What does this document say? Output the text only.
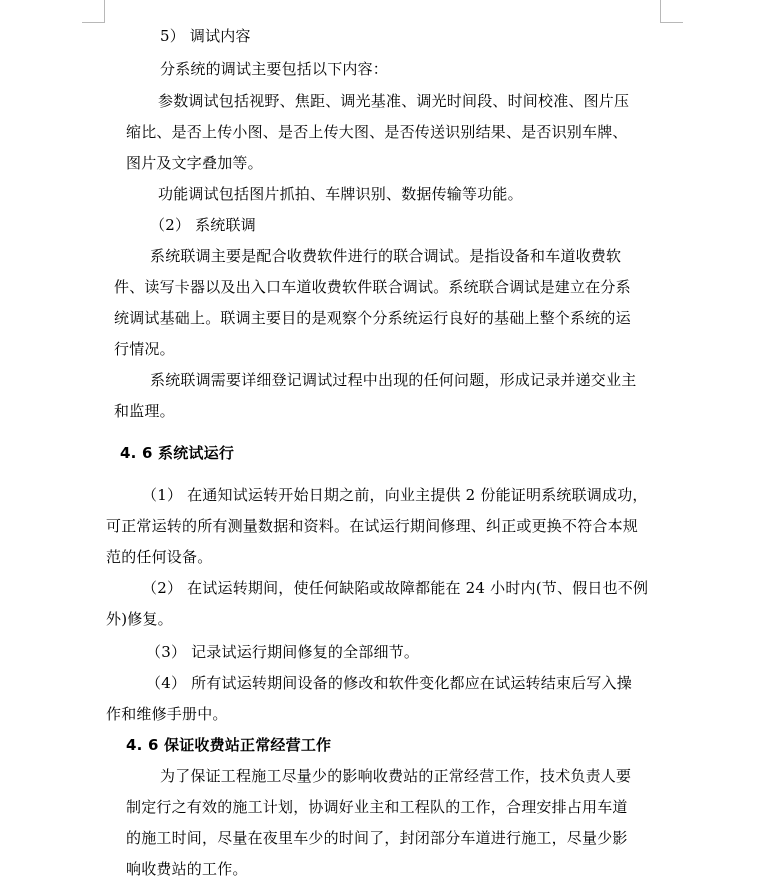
5） 调试内容
分系统的调试主要包括以下内容：
参数调试包括视野、焦距、调光基准、调光时间段、时间校准、图片压
缩比、是否上传小图、是否上传大图、是否传送识别结果、是否识别车牌、
图片及文字叠加等。
功能调试包括图片抓拍、车牌识别、数据传输等功能。
（2） 系统联调
系统联调主要是配合收费软件进行的联合调试。是指设备和车道收费软
件、读写卡器以及出入口车道收费软件联合调试。系统联合调试是建立在分系
统调试基础上。联调主要目的是观察个分系统运行良好的基础上整个系统的运
行情况。
系统联调需要详细登记调试过程中出现的任何问题，形成记录并递交业主
和监理。
4. 6 系统试运行
（1） 在通知试运转开始日期之前，向业主提供 2 份能证明系统联调成功，
可正常运转的所有测量数据和资料。在试运行期间修理、纠正或更换不符合本规
范的任何设备。
（2） 在试运转期间，使任何缺陷或故障都能在 24 小时内(节、假日也不例
外)修复。
（3） 记录试运行期间修复的全部细节。
（4） 所有试运转期间设备的修改和软件变化都应在试运转结束后写入操
作和维修手册中。
4. 6 保证收费站正常经营工作
为了保证工程施工尽量少的影响收费站的正常经营工作，技术负责人要
制定行之有效的施工计划，协调好业主和工程队的工作，合理安排占用车道
的施工时间，尽量在夜里车少的时间了，封闭部分车道进行施工，尽量少影
响收费站的工作。
